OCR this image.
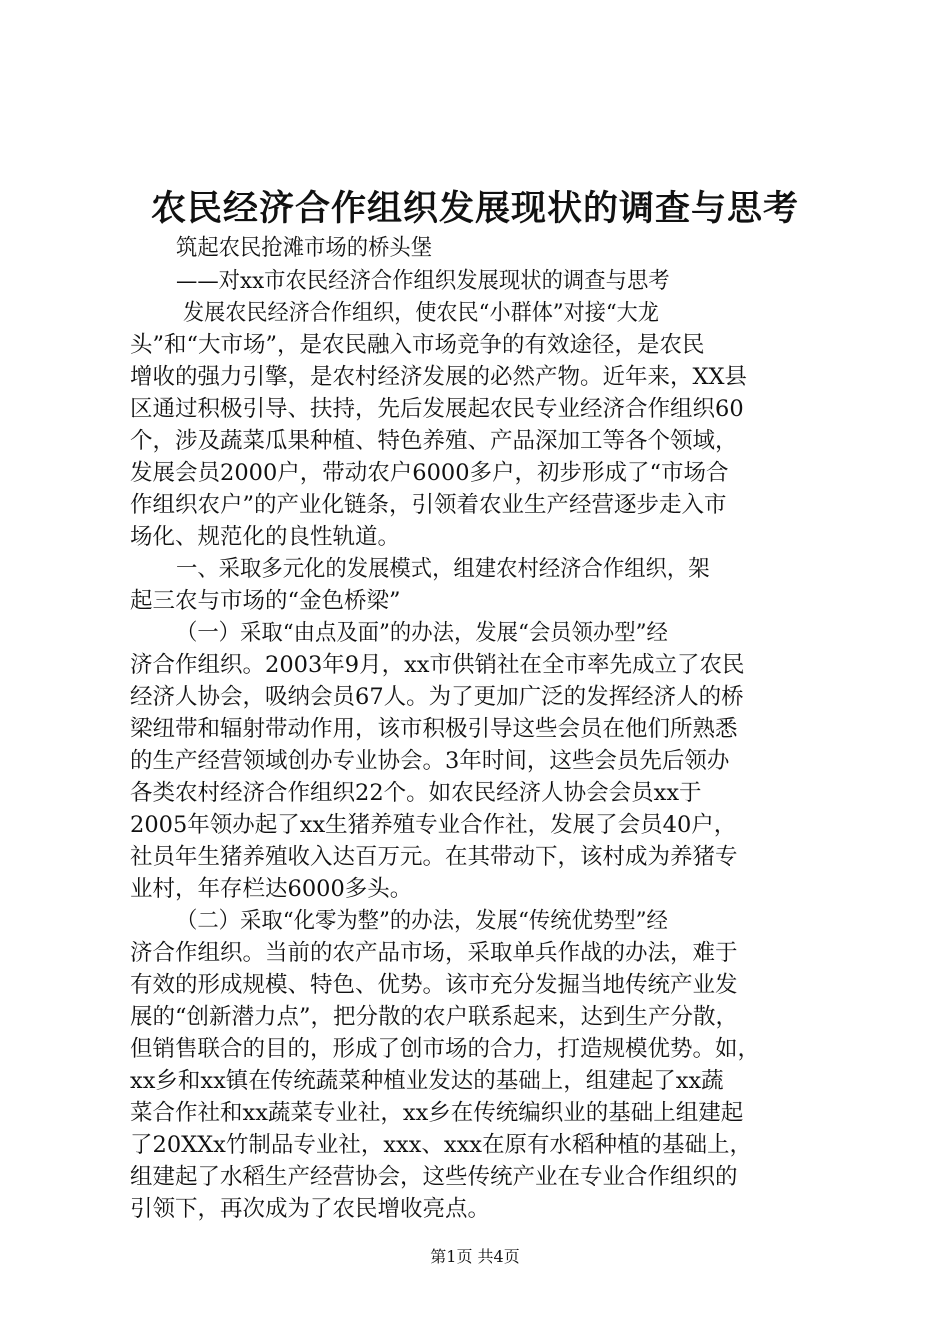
农民经济合作组织发展现状的调查与思考
筑起农民抢滩市场的桥头堡
——对xx市农民经济合作组织发展现状的调查与思考
发展农民经济合作组织，使农民“小群体”对接“大龙
头”和“大市场”，是农民融入市场竞争的有效途径，是农民
增收的强力引擎，是农村经济发展的必然产物。近年来，XX县
区通过积极引导、扶持，先后发展起农民专业经济合作组织60
个，涉及蔬菜瓜果种植、特色养殖、产品深加工等各个领域，
发展会员2000户，带动农户6000多户，初步形成了“市场合
作组织农户”的产业化链条，引领着农业生产经营逐步走入市
场化、规范化的良性轨道。
一、采取多元化的发展模式，组建农村经济合作组织，架
起三农与市场的“金色桥梁”
（一）采取“由点及面”的办法，发展“会员领办型”经
济合作组织。2003年9月，xx市供销社在全市率先成立了农民
经济人协会，吸纳会员67人。为了更加广泛的发挥经济人的桥
梁纽带和辐射带动作用，该市积极引导这些会员在他们所熟悉
的生产经营领域创办专业协会。3年时间，这些会员先后领办
各类农村经济合作组织22个。如农民经济人协会会员xx于
2005年领办起了xx生猪养殖专业合作社，发展了会员40户，
社员年生猪养殖收入达百万元。在其带动下，该村成为养猪专
业村，年存栏达6000多头。
（二）采取“化零为整”的办法，发展“传统优势型”经
济合作组织。当前的农产品市场，采取单兵作战的办法，难于
有效的形成规模、特色、优势。该市充分发掘当地传统产业发
展的“创新潜力点”，把分散的农户联系起来，达到生产分散，
但销售联合的目的，形成了创市场的合力，打造规模优势。如，
xx乡和xx镇在传统蔬菜种植业发达的基础上，组建起了xx蔬
菜合作社和xx蔬菜专业社，xx乡在传统编织业的基础上组建起
了20XXx竹制品专业社，xxx、xxx在原有水稻种植的基础上，
组建起了水稻生产经营协会，这些传统产业在专业合作组织的
引领下，再次成为了农民增收亮点。
第1页 共4页
